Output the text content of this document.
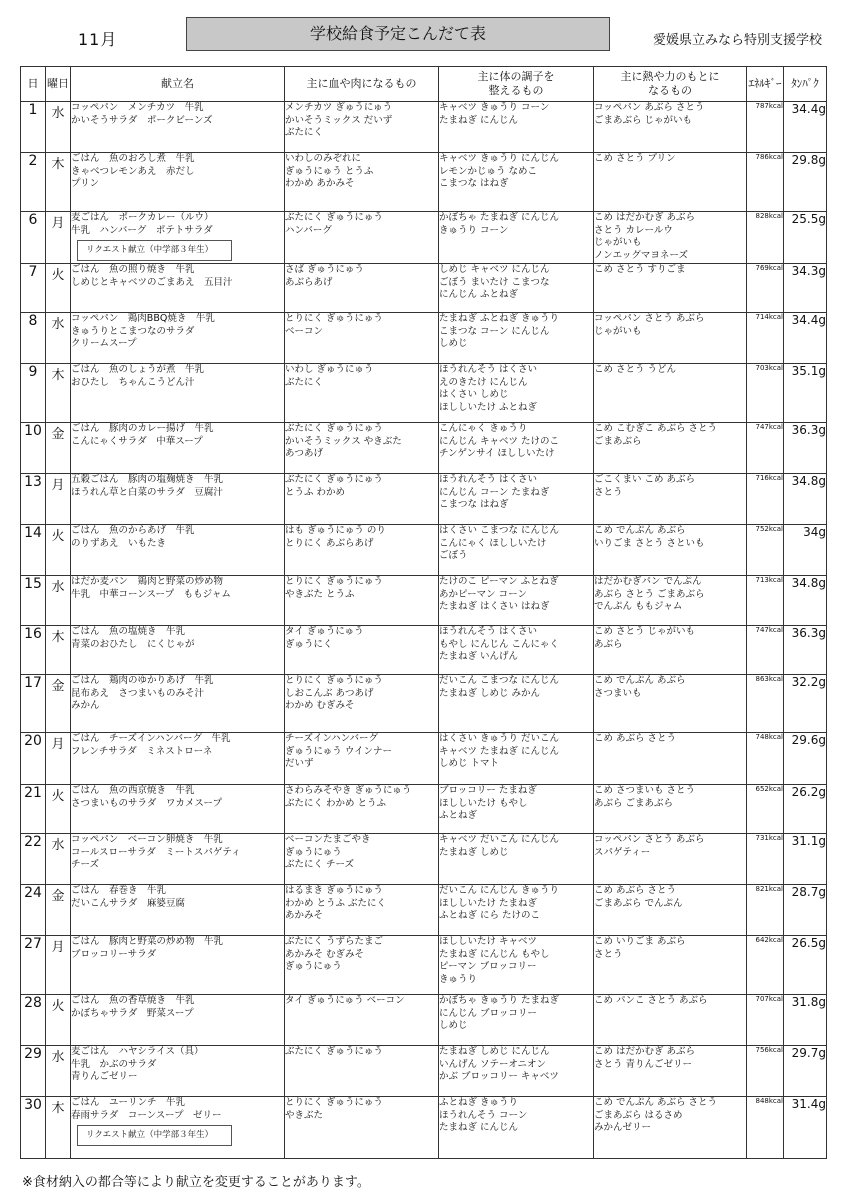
11月	学校給食予定こんだて表	愛媛県立みなら特別支援学校
日	曜日	献立名	主に血や肉になるもの	主に体の調子を
整えるもの	主に熱や力のもとに
なるもの	ｴﾈﾙｷﾞｰ	ﾀﾝﾊﾟｸ
1	水	コッペパン　メンチカツ　牛乳
かいそうサラダ　ポークビーンズ	メンチカツ ぎゅうにゅう
かいそうミックス だいず
ぶたにく	キャベツ きゅうり コーン
たまねぎ にんじん	コッペパン あぶら さとう
ごまあぶら じゃがいも	787kcal	34.4g
2	木	ごはん　魚のおろし煮　牛乳
きゃべつレモンあえ　赤だし
プリン	いわしのみぞれに
ぎゅうにゅう とうふ
わかめ あかみそ	キャベツ きゅうり にんじん
レモンかじゅう なめこ
こまつな はねぎ	こめ さとう プリン	786kcal	29.8g
6	月	麦ごはん　ポークカレー（ルウ）
牛乳　ハンバーグ　ポテトサラダ
リクエスト献立（中学部３年生）	ぶたにく ぎゅうにゅう
ハンバーグ	かぼちゃ たまねぎ にんじん
きゅうり コーン	こめ はだかむぎ あぶら
さとう カレールウ
じゃがいも
ノンエッグマヨネーズ	828kcal	25.5g
7	火	ごはん　魚の照り焼き　牛乳
しめじとキャベツのごまあえ　五目汁	さば ぎゅうにゅう
あぶらあげ	しめじ キャベツ にんじん
ごぼう まいたけ こまつな
にんじん ふとねぎ	こめ さとう すりごま	769kcal	34.3g
8	水	コッペパン　鶏肉BBQ焼き　牛乳
きゅうりとこまつなのサラダ
クリームスープ	とりにく ぎゅうにゅう
ベーコン	たまねぎ ふとねぎ きゅうり
こまつな コーン にんじん
しめじ	コッペパン さとう あぶら
じゃがいも	714kcal	34.4g
9	木	ごはん　魚のしょうが煮　牛乳
おひたし　ちゃんこうどん汁	いわし ぎゅうにゅう
ぶたにく	ほうれんそう はくさい
えのきたけ にんじん
はくさい しめじ
ほししいたけ ふとねぎ	こめ さとう うどん	703kcal	35.1g
10	金	ごはん　豚肉のカレー揚げ　牛乳
こんにゃくサラダ　中華スープ	ぶたにく ぎゅうにゅう
かいそうミックス やきぶた
あつあげ	こんにゃく きゅうり
にんじん キャベツ たけのこ
チンゲンサイ ほししいたけ	こめ こむぎこ あぶら さとう
ごまあぶら	747kcal	36.3g
13	月	五穀ごはん　豚肉の塩麹焼き　牛乳
ほうれん草と白菜のサラダ　豆腐汁	ぶたにく ぎゅうにゅう
とうふ わかめ	ほうれんそう はくさい
にんじん コーン たまねぎ
こまつな はねぎ	ごこくまい こめ あぶら
さとう	716kcal	34.8g
14	火	ごはん　魚のからあげ　牛乳
のりずあえ　いもたき	はも ぎゅうにゅう のり
とりにく あぶらあげ	はくさい こまつな にんじん
こんにゃく ほししいたけ
ごぼう	こめ でんぷん あぶら
いりごま さとう さといも	752kcal	34g
15	水	はだか麦パン　鶏肉と野菜の炒め物
牛乳　中華コーンスープ　ももジャム	とりにく ぎゅうにゅう
やきぶた とうふ	たけのこ ピーマン ふとねぎ
あかピーマン コーン
たまねぎ はくさい はねぎ	はだかむぎパン でんぷん
あぶら さとう ごまあぶら
でんぷん ももジャム	713kcal	34.8g
16	木	ごはん　魚の塩焼き　牛乳
青菜のおひたし　にくじゃが	タイ ぎゅうにゅう
ぎゅうにく	ほうれんそう はくさい
もやし にんじん こんにゃく
たまねぎ いんげん	こめ さとう じゃがいも
あぶら	747kcal	36.3g
17	金	ごはん　鶏肉のゆかりあげ　牛乳
昆布あえ　さつまいものみそ汁
みかん	とりにく ぎゅうにゅう
しおこんぶ あつあげ
わかめ むぎみそ	だいこん こまつな にんじん
たまねぎ しめじ みかん	こめ でんぷん あぶら
さつまいも	863kcal	32.2g
20	月	ごはん　チーズインハンバーグ　牛乳
フレンチサラダ　ミネストローネ	チーズインハンバーグ
ぎゅうにゅう ウインナー
だいず	はくさい きゅうり だいこん
キャベツ たまねぎ にんじん
しめじ トマト	こめ あぶら さとう	748kcal	29.6g
21	火	ごはん　魚の西京焼き　牛乳
さつまいものサラダ　ワカメスープ	さわらみそやき ぎゅうにゅう
ぶたにく わかめ とうふ	ブロッコリー たまねぎ
ほししいたけ もやし
ふとねぎ	こめ さつまいも さとう
あぶら ごまあぶら	652kcal	26.2g
22	水	コッペパン　ベーコン卵焼き　牛乳
コールスローサラダ　ミートスパゲティ
チーズ	ベーコンたまごやき
ぎゅうにゅう
ぶたにく チーズ	キャベツ だいこん にんじん
たまねぎ しめじ	コッペパン さとう あぶら
スパゲティー	731kcal	31.1g
24	金	ごはん　春巻き　牛乳
だいこんサラダ　麻婆豆腐	はるまき ぎゅうにゅう
わかめ とうふ ぶたにく
あかみそ	だいこん にんじん きゅうり
ほししいたけ たまねぎ
ふとねぎ にら たけのこ	こめ あぶら さとう
ごまあぶら でんぷん	821kcal	28.7g
27	月	ごはん　豚肉と野菜の炒め物　牛乳
ブロッコリーサラダ	ぶたにく うずらたまご
あかみそ むぎみそ
ぎゅうにゅう	ほししいたけ キャベツ
たまねぎ にんじん もやし
ピーマン ブロッコリー
きゅうり	こめ いりごま あぶら
さとう	642kcal	26.5g
28	火	ごはん　魚の香草焼き　牛乳
かぼちゃサラダ　野菜スープ	タイ ぎゅうにゅう ベーコン	かぼちゃ きゅうり たまねぎ
にんじん ブロッコリー
しめじ	こめ パンこ さとう あぶら	707kcal	31.8g
29	水	麦ごはん　ハヤシライス（具）
牛乳　かぶのサラダ
青りんごゼリー	ぶたにく ぎゅうにゅう	たまねぎ しめじ にんじん
いんげん ソテーオニオン
かぶ ブロッコリー キャベツ	こめ はだかむぎ あぶら
さとう 青りんごゼリー	756kcal	29.7g
30	木	ごはん　ユーリンチ　牛乳
春雨サラダ　コーンスープ　ゼリー
リクエスト献立（中学部３年生）	とりにく ぎゅうにゅう
やきぶた	ふとねぎ きゅうり
ほうれんそう コーン
たまねぎ にんじん	こめ でんぷん あぶら さとう
ごまあぶら はるさめ
みかんゼリー	848kcal	31.4g
※食材納入の都合等により献立を変更することがあります。
